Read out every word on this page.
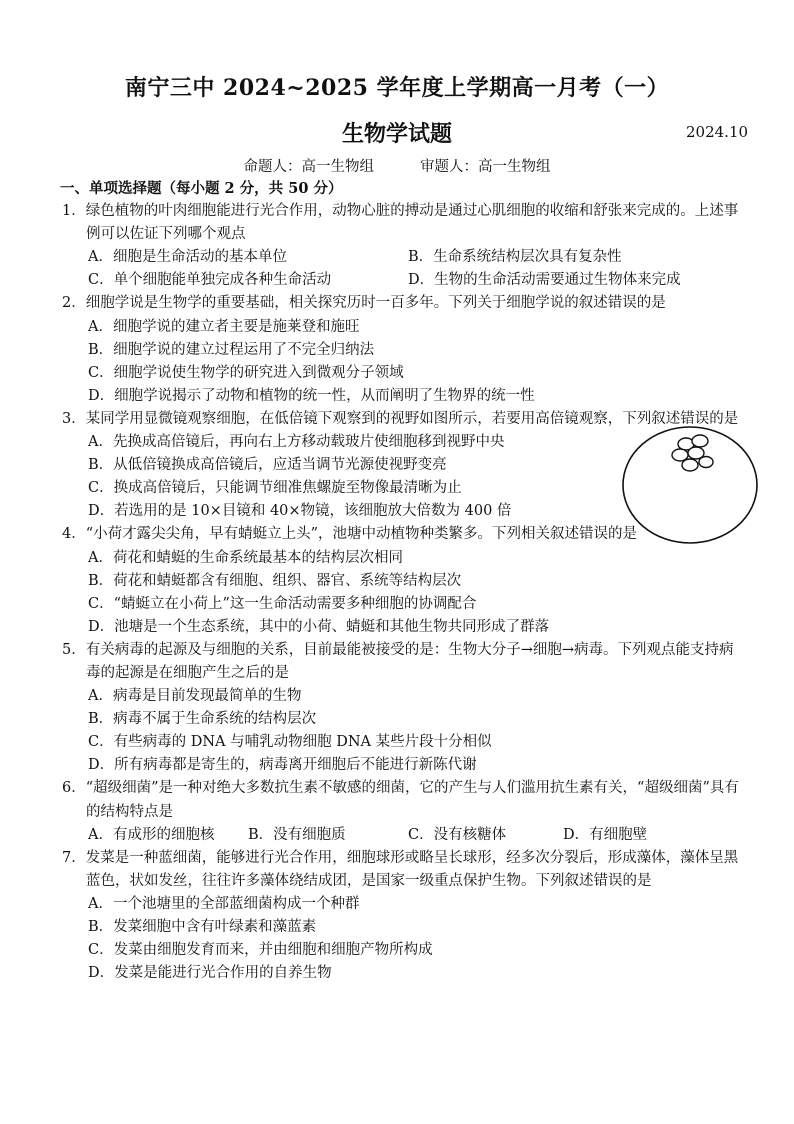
南宁三中 2024~2025 学年度上学期高一月考（一）
生物学试题	2024.10
命题人：高一生物组	审题人：高一生物组
一、单项选择题（每小题 2 分，共 50 分）
1．绿色植物的叶肉细胞能进行光合作用，动物心脏的搏动是通过心肌细胞的收缩和舒张来完成的。上述事例可以佐证下列哪个观点
A．细胞是生命活动的基本单位	B．生命系统结构层次具有复杂性
C．单个细胞能单独完成各种生命活动	D．生物的生命活动需要通过生物体来完成
2．细胞学说是生物学的重要基础，相关探究历时一百多年。下列关于细胞学说的叙述错误的是
A．细胞学说的建立者主要是施莱登和施旺
B．细胞学说的建立过程运用了不完全归纳法
C．细胞学说使生物学的研究进入到微观分子领域
D．细胞学说揭示了动物和植物的统一性，从而阐明了生物界的统一性
3．某同学用显微镜观察细胞，在低倍镜下观察到的视野如图所示，若要用高倍镜观察，下列叙述错误的是
A．先换成高倍镜后，再向右上方移动载玻片使细胞移到视野中央
B．从低倍镜换成高倍镜后，应适当调节光源使视野变亮
C．换成高倍镜后，只能调节细准焦螺旋至物像最清晰为止
D．若选用的是 10×目镜和 40×物镜，该细胞放大倍数为 400 倍
4．“小荷才露尖尖角，早有蜻蜓立上头”，池塘中动植物种类繁多。下列相关叙述错误的是
A．荷花和蜻蜓的生命系统最基本的结构层次相同
B．荷花和蜻蜓都含有细胞、组织、器官、系统等结构层次
C．“蜻蜓立在小荷上”这一生命活动需要多种细胞的协调配合
D．池塘是一个生态系统，其中的小荷、蜻蜓和其他生物共同形成了群落
5．有关病毒的起源及与细胞的关系，目前最能被接受的是：生物大分子→细胞→病毒。下列观点能支持病毒的起源是在细胞产生之后的是
A．病毒是目前发现最简单的生物
B．病毒不属于生命系统的结构层次
C．有些病毒的 DNA 与哺乳动物细胞 DNA 某些片段十分相似
D．所有病毒都是寄生的，病毒离开细胞后不能进行新陈代谢
6．“超级细菌”是一种对绝大多数抗生素不敏感的细菌，它的产生与人们滥用抗生素有关，“超级细菌”具有的结构特点是
A．有成形的细胞核	B．没有细胞质	C．没有核糖体	D．有细胞壁
7．发菜是一种蓝细菌，能够进行光合作用，细胞球形或略呈长球形，经多次分裂后，形成藻体，藻体呈黑蓝色，状如发丝，往往许多藻体绕结成团，是国家一级重点保护生物。下列叙述错误的是
A．一个池塘里的全部蓝细菌构成一个种群
B．发菜细胞中含有叶绿素和藻蓝素
C．发菜由细胞发育而来，并由细胞和细胞产物所构成
D．发菜是能进行光合作用的自养生物
